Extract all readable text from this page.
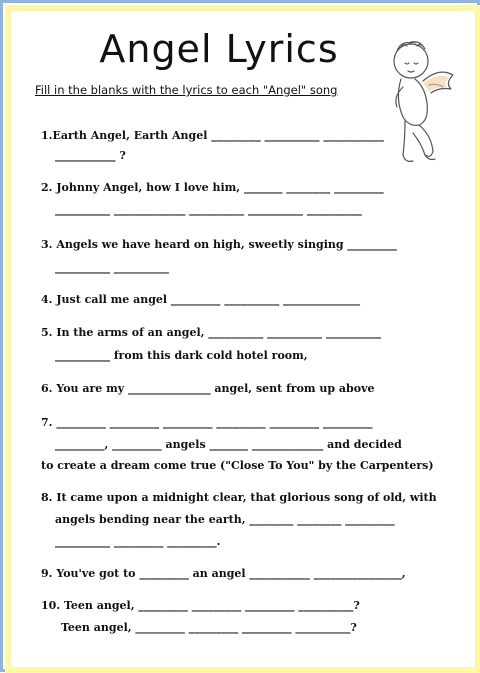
Angel Lyrics
Fill in the blanks with the lyrics to each "Angel" song
1.Earth Angel, Earth Angel _________ __________ ___________
___________ ?
2. Johnny Angel, how I love him, _______ ________ _________
__________ _____________ __________ __________ __________
3. Angels we have heard on high, sweetly singing _________
__________ __________
4. Just call me angel _________ __________ ______________
5. In the arms of an angel, __________ __________ __________
__________ from this dark cold hotel room,
6. You are my _______________ angel, sent from up above
7. _________ _________ _________ _________ _________ _________
_________, _________ angels _______ _____________ and decided
to create a dream come true ("Close To You" by the Carpenters)
8. It came upon a midnight clear, that glorious song of old, with
angels bending near the earth, ________ ________ _________
__________ _________ _________.
9. You've got to _________ an angel ___________ ________________,
10. Teen angel, _________ _________ _________ __________?
Teen angel, _________ _________ _________ __________?
